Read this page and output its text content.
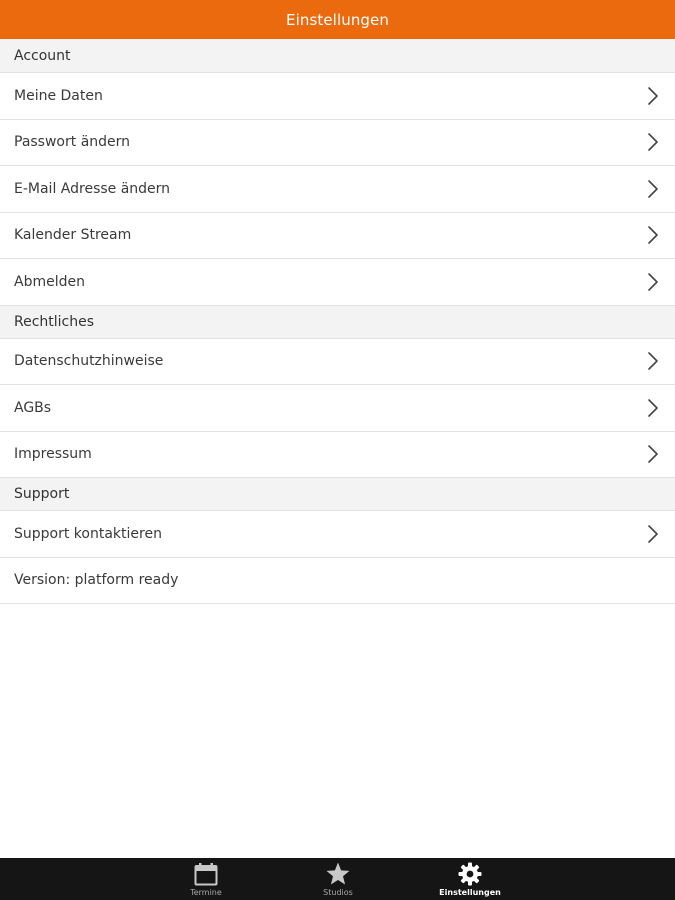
Einstellungen
Account
Meine Daten
Passwort ändern
E-Mail Adresse ändern
Kalender Stream
Abmelden
Rechtliches
Datenschutzhinweise
AGBs
Impressum
Support
Support kontaktieren
Version: platform ready
Termine	Studios	Einstellungen
